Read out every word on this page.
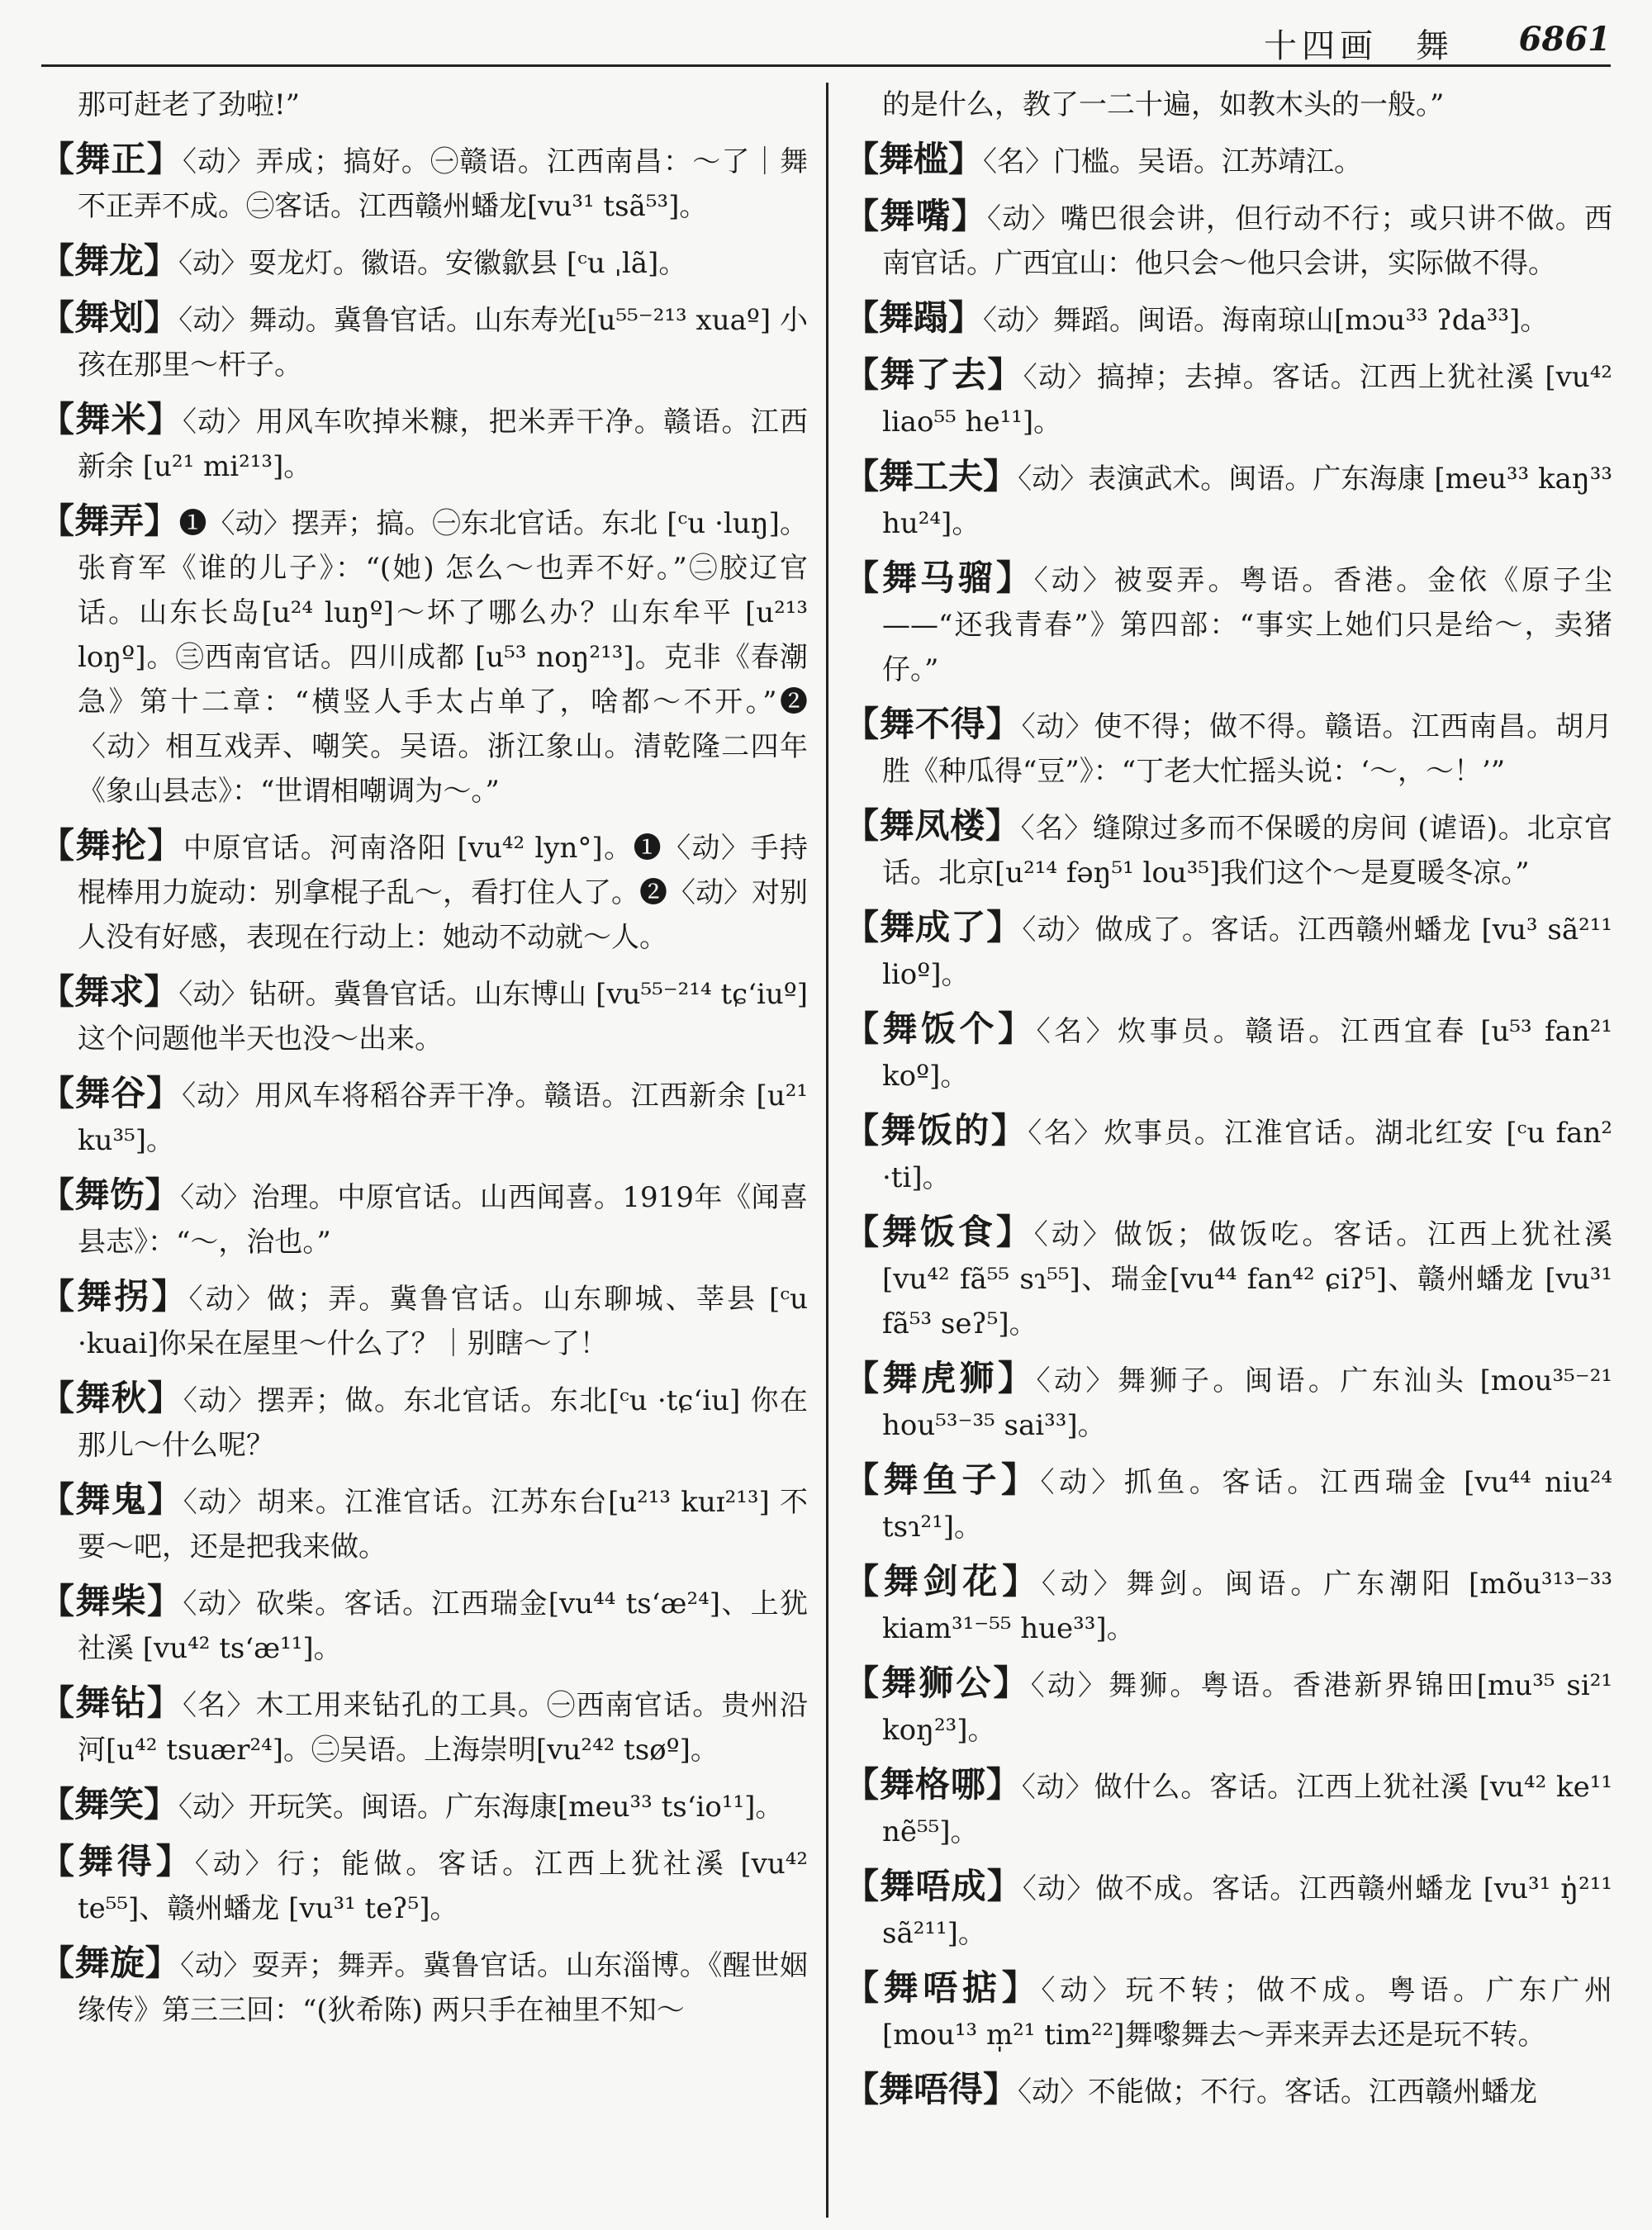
十四画　舞 6861

那可赶老了劲啦!”

【舞正】〈动〉弄成；搞好。㊀赣语。江西南昌：～了｜舞不正弄不成。㊁客话。江西赣州蟠龙[vu³¹ tsã⁵³]。

【舞龙】〈动〉耍龙灯。徽语。安徽歙县 [ᶜu ˌlã]。

【舞划】〈动〉舞动。冀鲁官话。山东寿光[u⁵⁵⁻²¹³ xuaº] 小孩在那里～杆子。

【舞米】〈动〉用风车吹掉米糠，把米弄干净。赣语。江西新余 [u²¹ mi²¹³]。

【舞弄】❶〈动〉摆弄；搞。㊀东北官话。东北 [ᶜu ·luŋ]。张育军《谁的儿子》：“(她) 怎么～也弄不好。”㊁胶辽官话。山东长岛[u²⁴ luŋº]～坏了哪么办？山东牟平 [u²¹³ loŋº]。㊂西南官话。四川成都 [u⁵³ noŋ²¹³]。克非《春潮急》第十二章：“横竖人手太占单了，啥都～不开。”❷〈动〉相互戏弄、嘲笑。吴语。浙江象山。清乾隆二四年《象山县志》：“世谓相嘲调为～。”

【舞抡】中原官话。河南洛阳 [vu⁴² lyn°]。❶〈动〉手持棍棒用力旋动：别拿棍子乱～，看打住人了。❷〈动〉对别人没有好感，表现在行动上：她动不动就～人。

【舞求】〈动〉钻研。冀鲁官话。山东博山 [vu⁵⁵⁻²¹⁴ tɕʻiuº] 这个问题他半天也没～出来。

【舞谷】〈动〉用风车将稻谷弄干净。赣语。江西新余 [u²¹ ku³⁵]。

【舞饬】〈动〉治理。中原官话。山西闻喜。1919年《闻喜县志》：“～，治也。”

【舞拐】〈动〉做；弄。冀鲁官话。山东聊城、莘县 [ᶜu ·kuai]你呆在屋里～什么了？｜别瞎～了！

【舞秋】〈动〉摆弄；做。东北官话。东北[ᶜu ·tɕʻiu] 你在那儿～什么呢？

【舞鬼】〈动〉胡来。江淮官话。江苏东台[u²¹³ kuɪ²¹³] 不要～吧，还是把我来做。

【舞柴】〈动〉砍柴。客话。江西瑞金[vu⁴⁴ tsʻæ²⁴]、上犹社溪 [vu⁴² tsʻæ¹¹]。

【舞钻】〈名〉木工用来钻孔的工具。㊀西南官话。贵州沿河[u⁴² tsuær²⁴]。㊁吴语。上海崇明[vu²⁴² tsøº]。

【舞笑】〈动〉开玩笑。闽语。广东海康[meu³³ tsʻio¹¹]。

【舞得】〈动〉行；能做。客话。江西上犹社溪 [vu⁴² te⁵⁵]、赣州蟠龙 [vu³¹ teʔ⁵]。

【舞旋】〈动〉耍弄；舞弄。冀鲁官话。山东淄博。《醒世姻缘传》第三三回：“(狄希陈) 两只手在袖里不知～

的是什么，教了一二十遍，如教木头的一般。”

【舞槛】〈名〉门槛。吴语。江苏靖江。

【舞嘴】〈动〉嘴巴很会讲，但行动不行；或只讲不做。西南官话。广西宜山：他只会～他只会讲，实际做不得。

【舞蹋】〈动〉舞蹈。闽语。海南琼山[mɔu³³ ʔda³³]。

【舞了去】〈动〉搞掉；去掉。客话。江西上犹社溪 [vu⁴² liao⁵⁵ he¹¹]。

【舞工夫】〈动〉表演武术。闽语。广东海康 [meu³³ kaŋ³³ hu²⁴]。

【舞马骝】〈动〉被耍弄。粤语。香港。金依《原子尘——“还我青春”》第四部：“事实上她们只是给～，卖猪仔。”

【舞不得】〈动〉使不得；做不得。赣语。江西南昌。胡月胜《种瓜得“豆”》：“丁老大忙摇头说：‘～，～！’”

【舞凤楼】〈名〉缝隙过多而不保暖的房间 (谑语)。北京官话。北京[u²¹⁴ fəŋ⁵¹ lou³⁵]我们这个～是夏暖冬凉。”

【舞成了】〈动〉做成了。客话。江西赣州蟠龙 [vu³ sã²¹¹ lioº]。

【舞饭个】〈名〉炊事员。赣语。江西宜春 [u⁵³ fan²¹ koº]。

【舞饭的】〈名〉炊事员。江淮官话。湖北红安 [ᶜu fan² ·ti]。

【舞饭食】〈动〉做饭；做饭吃。客话。江西上犹社溪 [vu⁴² fã⁵⁵ sɿ⁵⁵]、瑞金[vu⁴⁴ fan⁴² ɕiʔ⁵]、赣州蟠龙 [vu³¹ fã⁵³ seʔ⁵]。

【舞虎狮】〈动〉舞狮子。闽语。广东汕头 [mou³⁵⁻²¹ hou⁵³⁻³⁵ sai³³]。

【舞鱼子】〈动〉抓鱼。客话。江西瑞金 [vu⁴⁴ niu²⁴ tsɿ²¹]。

【舞剑花】〈动〉舞剑。闽语。广东潮阳 [mõu³¹³⁻³³ kiam³¹⁻⁵⁵ hue³³]。

【舞狮公】〈动〉舞狮。粤语。香港新界锦田[mu³⁵ si²¹ koŋ²³]。

【舞格哪】〈动〉做什么。客话。江西上犹社溪 [vu⁴² ke¹¹ nẽ⁵⁵]。

【舞唔成】〈动〉做不成。客话。江西赣州蟠龙 [vu³¹ ŋ̍²¹¹ sã²¹¹]。

【舞唔掂】〈动〉玩不转；做不成。粤语。广东广州 [mou¹³ m̩²¹ tim²²]舞嚟舞去～弄来弄去还是玩不转。

【舞唔得】〈动〉不能做；不行。客话。江西赣州蟠龙
